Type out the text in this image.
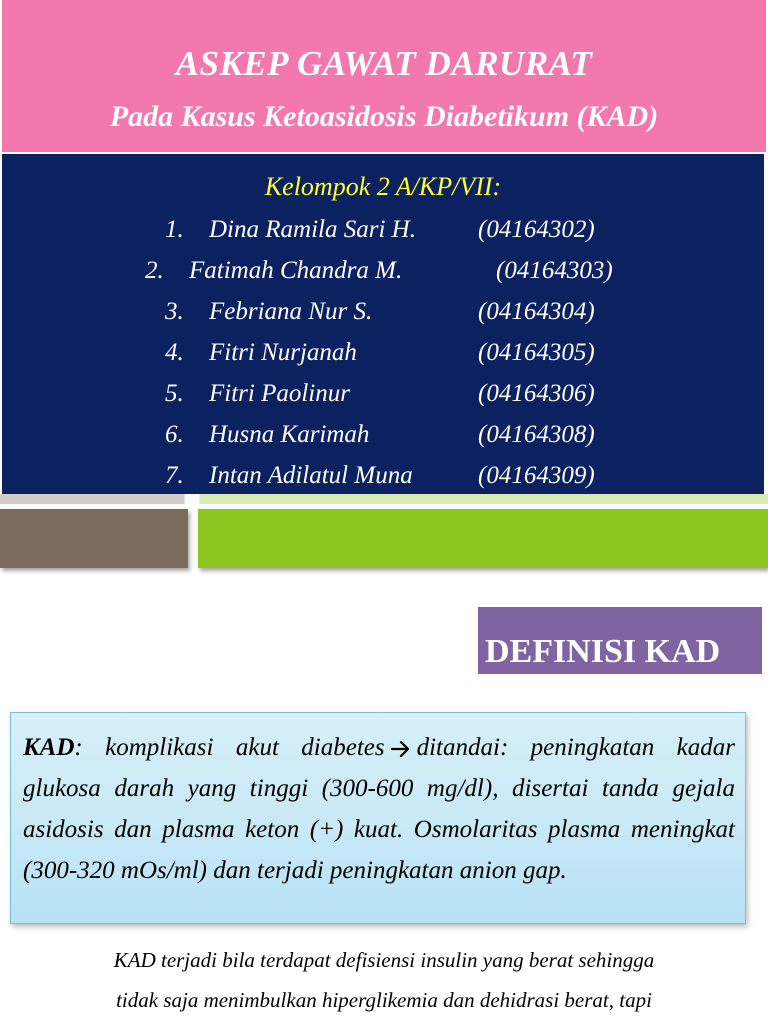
ASKEP GAWAT DARURAT
Pada Kasus Ketoasidosis Diabetikum (KAD)
Kelompok 2 A/KP/VII:
1. Dina Ramila Sari H. (04164302)
2. Fatimah Chandra M.	(04164303)
3. Febriana Nur S.	(04164304)
4. Fitri Nurjanah	(04164305)
5. Fitri Paolinur	(04164306)
6. Husna Karimah	(04164308)
7. Intan Adilatul Muna	(04164309)
DEFINISI KAD
KAD: komplikasi akut diabetes ditandai: peningkatan kadar glukosa darah yang tinggi (300-600 mg/dl), disertai tanda gejala asidosis dan plasma keton (+) kuat. Osmolaritas plasma meningkat (300-320 mOs/ml) dan terjadi peningkatan anion gap.
KAD terjadi bila terdapat defisiensi insulin yang berat sehingga
tidak saja menimbulkan hiperglikemia dan dehidrasi berat, tapi
